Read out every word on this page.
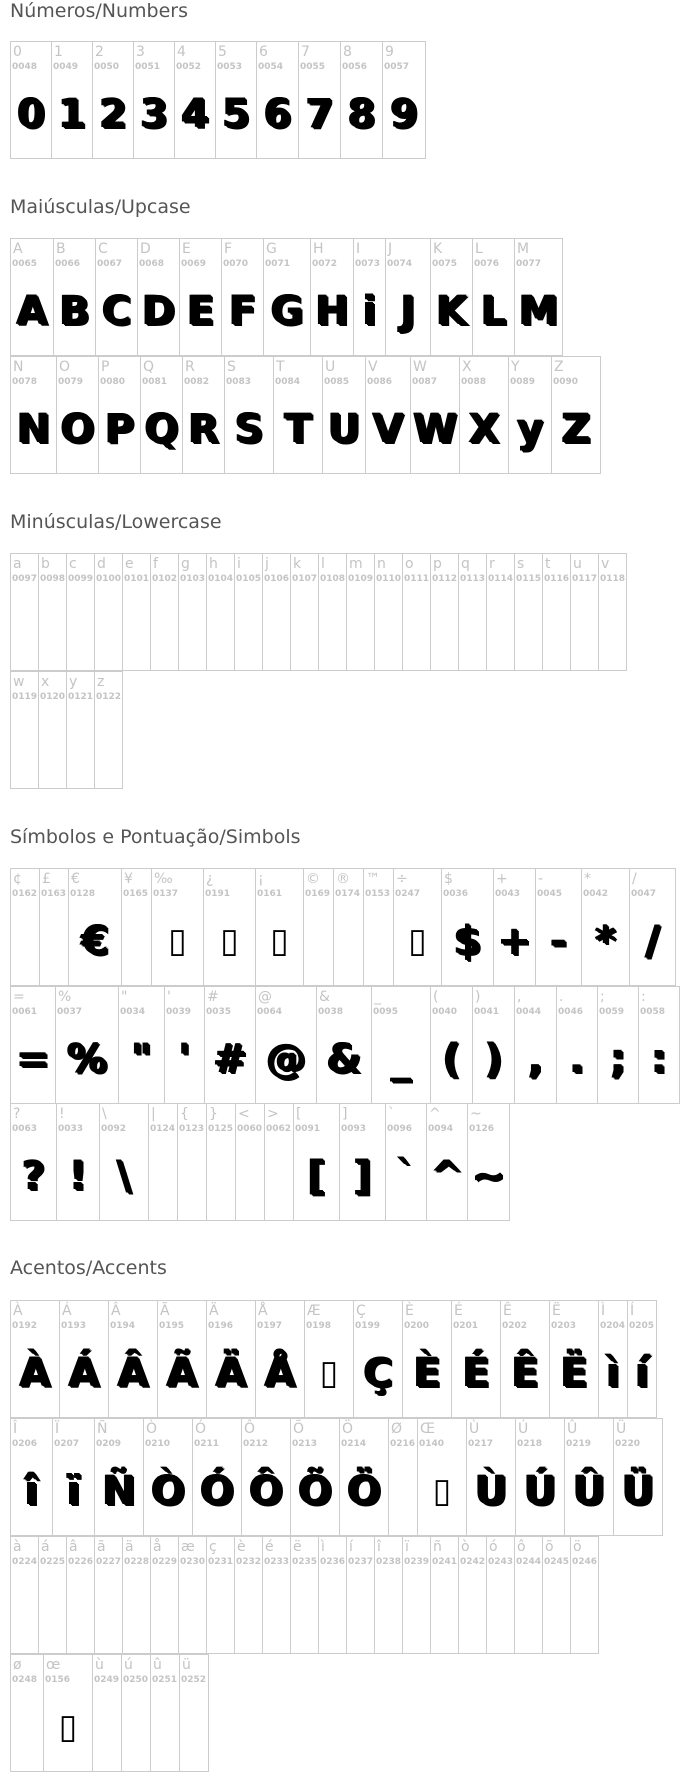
Números/Numbers
0
0048
0
1
0049
1
2
0050
2
3
0051
3
4
0052
4
5
0053
5
6
0054
6
7
0055
7
8
0056
8
9
0057
9
Maiúsculas/Upcase
A
0065
A
B
0066
B
C
0067
C
D
0068
D
E
0069
E
F
0070
F
G
0071
G
H
0072
H
I
0073
i
J
0074
J
K
0075
K
L
0076
L
M
0077
M
N
0078
N
O
0079
O
P
0080
P
Q
0081
Q
R
0082
R
S
0083
S
T
0084
T
U
0085
U
V
0086
V
W
0087
W
X
0088
X
Y
0089
y
Z
0090
Z
Minúsculas/Lowercase
a
0097
b
0098
c
0099
d
0100
e
0101
f
0102
g
0103
h
0104
i
0105
j
0106
k
0107
l
0108
m
0109
n
0110
o
0111
p
0112
q
0113
r
0114
s
0115
t
0116
u
0117
v
0118
w
0119
x
0120
y
0121
z
0122
Símbolos e Pontuação/Simbols
¢
0162
£
0163
€
0128
€
¥
0165
‰
0137
▯
¿
0191
▯
¡
0161
▯
©
0169
®
0174
™
0153
÷
0247
▯
$
0036
$
+
0043
+
-
0045
-
*
0042
*
/
0047
/
=
0061
=
%
0037
%
"
0034
"
'
0039
'
#
0035
#
@
0064
@
&
0038
&
_
0095
_
(
0040
(
)
0041
)
,
0044
,
.
0046
.
;
0059
;
:
0058
:
?
0063
?
!
0033
!
\
0092
\
|
0124
{
0123
}
0125
<
0060
>
0062
[
0091
[
]
0093
]
`
0096
`
^
0094
^
~
0126
~
Acentos/Accents
À
0192
À
Á
0193
Á
Â
0194
Â
Ã
0195
Ã
Ä
0196
Ä
Å
0197
Å
Æ
0198
▯
Ç
0199
Ç
È
0200
È
É
0201
É
Ê
0202
Ê
Ë
0203
Ë
Ì
0204
ì
Í
0205
í
Î
0206
î
Ï
0207
ï
Ñ
0209
Ñ
Ò
0210
Ò
Ó
0211
Ó
Ô
0212
Ô
Õ
0213
Õ
Ö
0214
Ö
Ø
0216
Œ
0140
▯
Ù
0217
Ù
Ú
0218
Ú
Û
0219
Û
Ü
0220
Ü
à
0224
á
0225
â
0226
ã
0227
ä
0228
å
0229
æ
0230
ç
0231
è
0232
é
0233
ë
0235
ì
0236
í
0237
î
0238
ï
0239
ñ
0241
ò
0242
ó
0243
ô
0244
õ
0245
ö
0246
ø
0248
œ
0156
▯
ù
0249
ú
0250
û
0251
ü
0252
